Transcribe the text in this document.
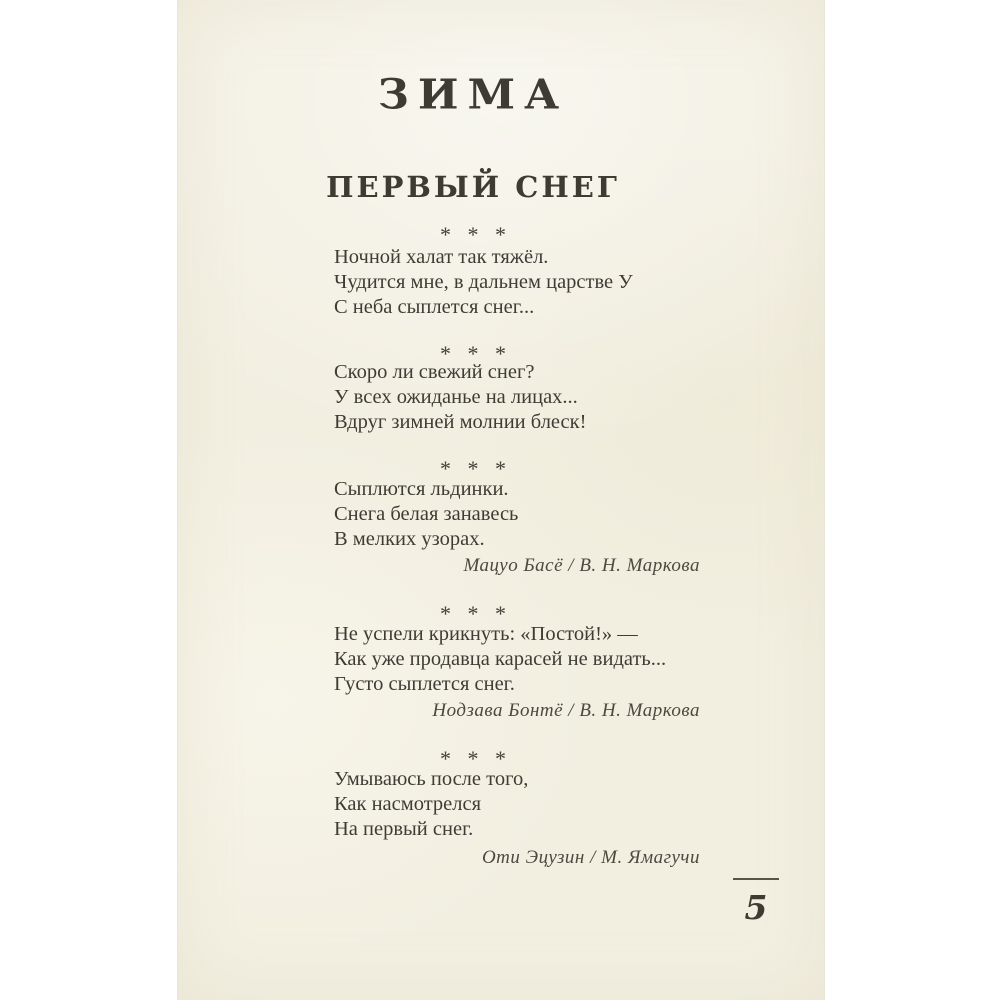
ЗИМА
ПЕРВЫЙ СНЕГ
* * *
Ночной халат так тяжёл.
Чудится мне, в дальнем царстве У
С неба сыплется снег...
* * *
Скоро ли свежий снег?
У всех ожиданье на лицах...
Вдруг зимней молнии блеск!
* * *
Сыплются льдинки.
Снега белая занавесь
В мелких узорах.
Мацуо Басё / В. Н. Маркова
* * *
Не успели крикнуть: «Постой!» —
Как уже продавца карасей не видать...
Густо сыплется снег.
Нодзава Бонтё / В. Н. Маркова
* * *
Умываюсь после того,
Как насмотрелся
На первый снег.
Оти Эцузин / М. Ямагучи
5
